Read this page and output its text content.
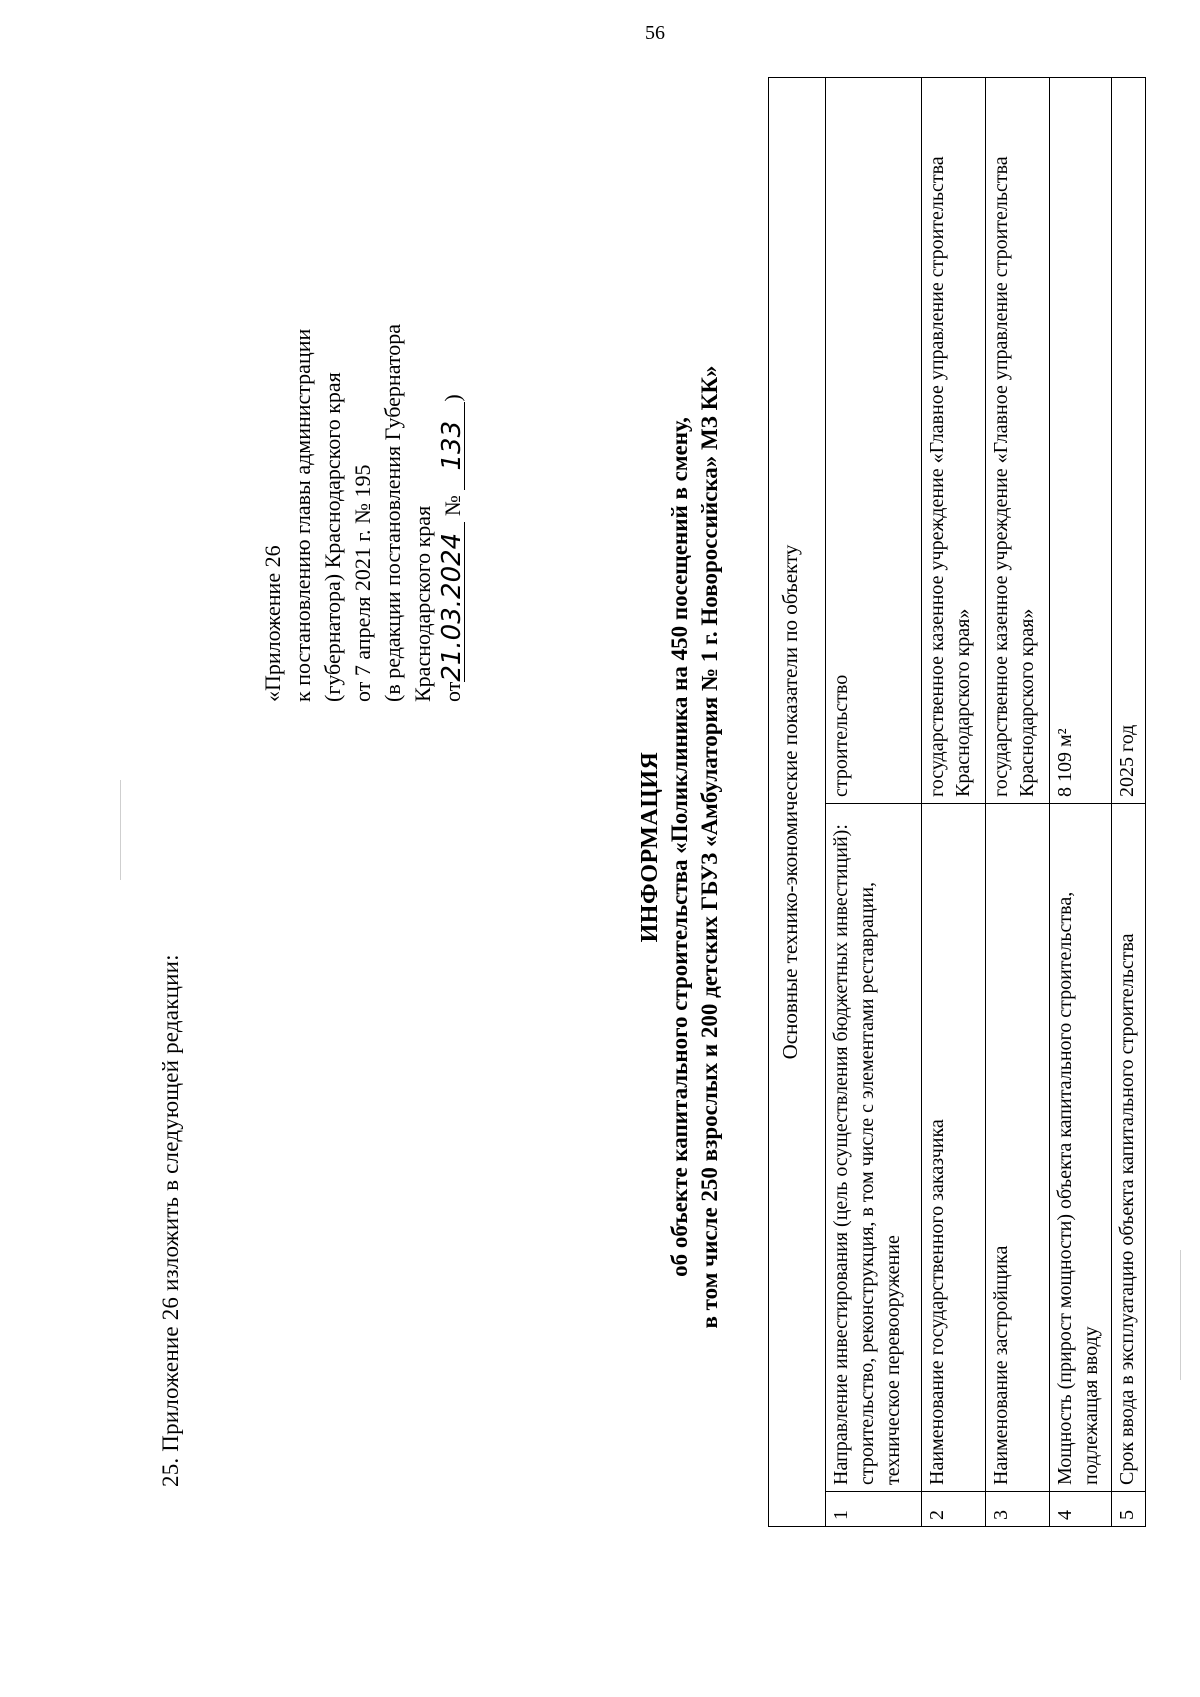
56
25. Приложение 26 изложить в следующей редакции:
«Приложение 26 к постановлению главы администрации (губернатора) Краснодарского края от 7 апреля 2021 г. № 195 (в редакции постановления Губернатора Краснодарского края от21.03.2024 № 133)
ИНФОРМАЦИЯ об объекте капитального строительства «Поликлиника на 450 посещений в смену, в том числе 250 взрослых и 200 детских ГБУЗ «Амбулатория № 1 г. Новороссийска» МЗ КК»	Основные технико-экономические показатели по объекту		
1	Направление инвестирования (цель осуществления бюджетных инвестиций): строительство, реконструкция, в том числе с элементами реставрации, техническое перевооружение	строительство
2	Наименование государственного заказчика	государственное казенное учреждение «Главное управление строительства Краснодарского края»
3	Наименование застройщика	государственное казенное учреждение «Главное управление строительства Краснодарского края»
4	Мощность (прирост мощности) объекта капитального строительства, подлежащая вводу	8 109 м²
5	Срок ввода в эксплуатацию объекта капитального строительства	2025 год
